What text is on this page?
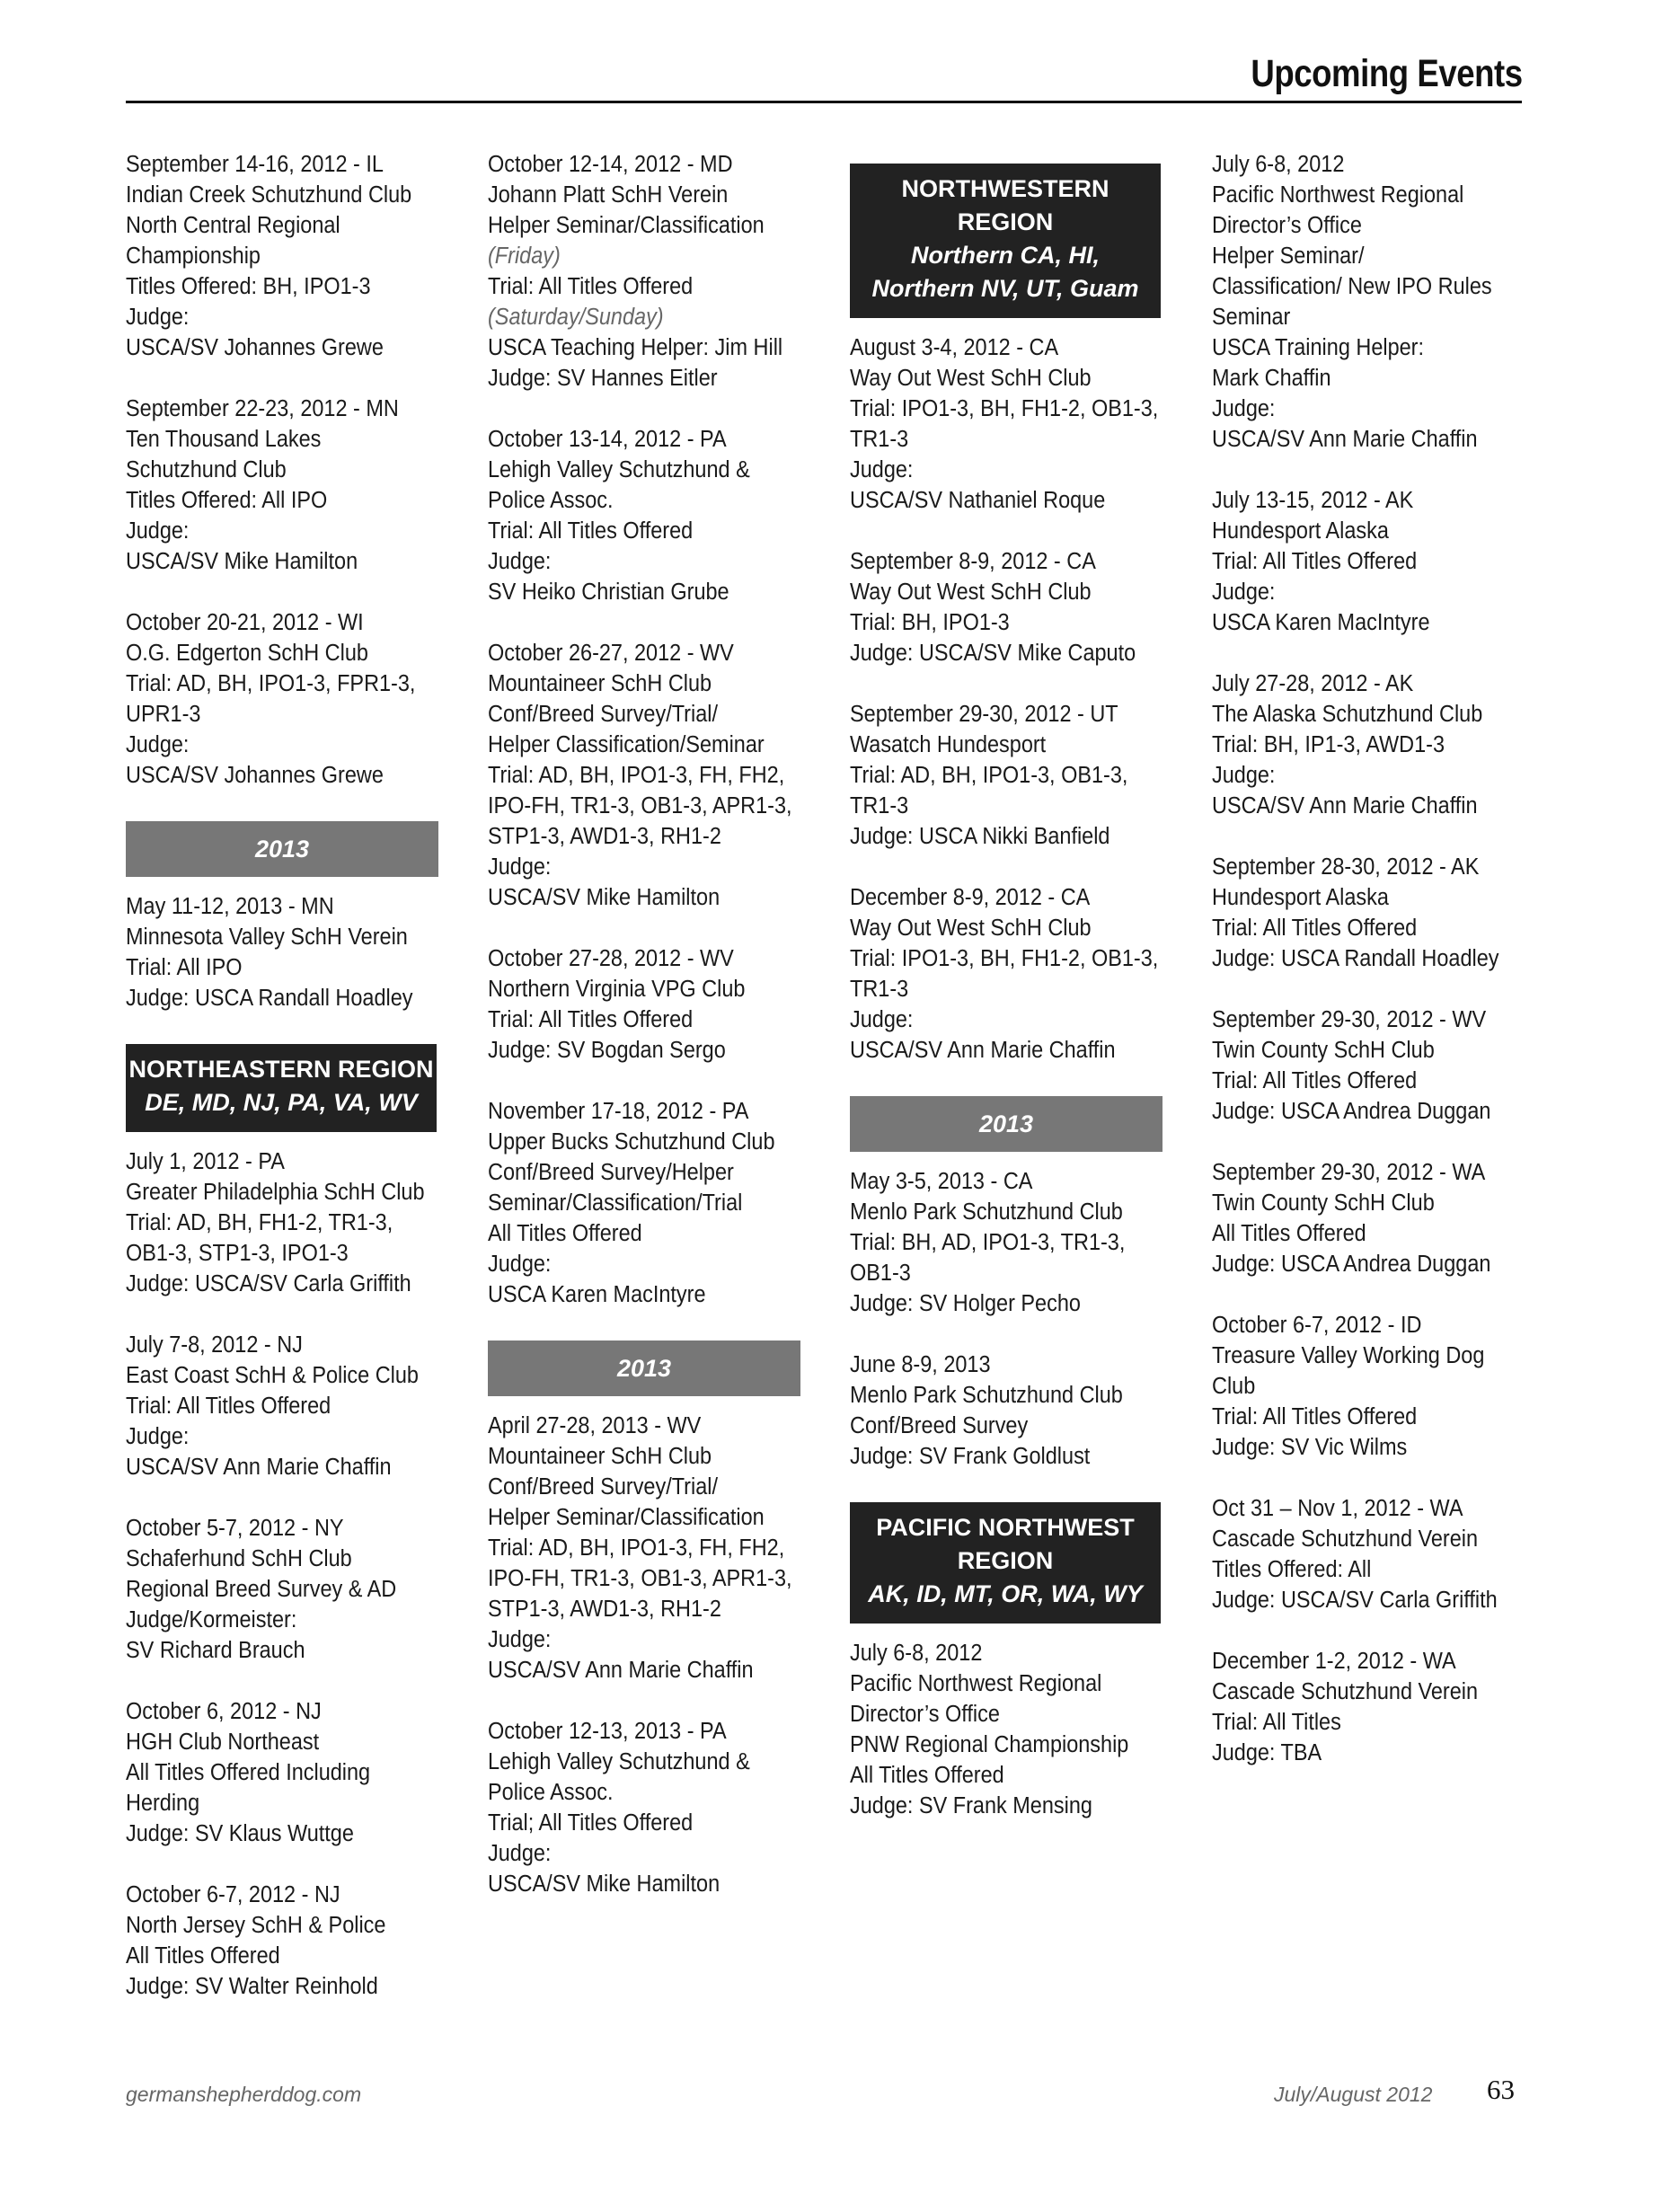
Upcoming Events
September 14-16, 2012 - IL
Indian Creek Schutzhund Club
North Central Regional
Championship
Titles Offered: BH, IPO1-3
Judge:
USCA/SV Johannes Grewe
September 22-23, 2012 - MN
Ten Thousand Lakes
Schutzhund Club
Titles Offered: All IPO
Judge:
USCA/SV Mike Hamilton
October 20-21, 2012 - WI
O.G. Edgerton SchH Club
Trial: AD, BH, IPO1-3, FPR1-3,
UPR1-3
Judge:
USCA/SV Johannes Grewe
2013
May 11-12, 2013 - MN
Minnesota Valley SchH Verein
Trial: All IPO
Judge: USCA Randall Hoadley
NORTHEASTERN REGION
DE, MD, NJ, PA, VA, WV
July 1, 2012 - PA
Greater Philadelphia SchH Club
Trial: AD, BH, FH1-2, TR1-3,
OB1-3, STP1-3, IPO1-3
Judge: USCA/SV Carla Griffith
July 7-8, 2012 - NJ
East Coast SchH & Police Club
Trial: All Titles Offered
Judge:
USCA/SV Ann Marie Chaffin
October 5-7, 2012 - NY
Schaferhund SchH Club
Regional Breed Survey & AD
Judge/Kormeister:
SV Richard Brauch
October 6, 2012 - NJ
HGH Club Northeast
All Titles Offered Including
Herding
Judge: SV Klaus Wuttge
October 6-7, 2012 - NJ
North Jersey SchH & Police
All Titles Offered
Judge: SV Walter Reinhold
October 12-14, 2012 - MD
Johann Platt SchH Verein
Helper Seminar/Classification
(Friday)
Trial: All Titles Offered
(Saturday/Sunday)
USCA Teaching Helper: Jim Hill
Judge: SV Hannes Eitler
October 13-14, 2012 - PA
Lehigh Valley Schutzhund &
Police Assoc.
Trial: All Titles Offered
Judge:
SV Heiko Christian Grube
October 26-27, 2012 - WV
Mountaineer SchH Club
Conf/Breed Survey/Trial/
Helper Classification/Seminar
Trial: AD, BH, IPO1-3, FH, FH2,
IPO-FH, TR1-3, OB1-3, APR1-3,
STP1-3, AWD1-3, RH1-2
Judge:
USCA/SV Mike Hamilton
October 27-28, 2012 - WV
Northern Virginia VPG Club
Trial: All Titles Offered
Judge: SV Bogdan Sergo
November 17-18, 2012 - PA
Upper Bucks Schutzhund Club
Conf/Breed Survey/Helper
Seminar/Classification/Trial
All Titles Offered
Judge:
USCA Karen MacIntyre
2013
April 27-28, 2013 - WV
Mountaineer SchH Club
Conf/Breed Survey/Trial/
Helper Seminar/Classification
Trial: AD, BH, IPO1-3, FH, FH2,
IPO-FH, TR1-3, OB1-3, APR1-3,
STP1-3, AWD1-3, RH1-2
Judge:
USCA/SV Ann Marie Chaffin
October 12-13, 2013 - PA
Lehigh Valley Schutzhund &
Police Assoc.
Trial; All Titles Offered
Judge:
USCA/SV Mike Hamilton
NORTHWESTERN
REGION
Northern CA, HI,
Northern NV, UT, Guam
August 3-4, 2012 - CA
Way Out West SchH Club
Trial: IPO1-3, BH, FH1-2, OB1-3,
TR1-3
Judge:
USCA/SV Nathaniel Roque
September 8-9, 2012 - CA
Way Out West SchH Club
Trial: BH, IPO1-3
Judge: USCA/SV Mike Caputo
September 29-30, 2012 - UT
Wasatch Hundesport
Trial: AD, BH, IPO1-3, OB1-3,
TR1-3
Judge: USCA Nikki Banfield
December 8-9, 2012 - CA
Way Out West SchH Club
Trial: IPO1-3, BH, FH1-2, OB1-3,
TR1-3
Judge:
USCA/SV Ann Marie Chaffin
2013
May 3-5, 2013 - CA
Menlo Park Schutzhund Club
Trial: BH, AD, IPO1-3, TR1-3,
OB1-3
Judge: SV Holger Pecho
June 8-9, 2013
Menlo Park Schutzhund Club
Conf/Breed Survey
Judge: SV Frank Goldlust
PACIFIC NORTHWEST
REGION
AK, ID, MT, OR, WA, WY
July 6-8, 2012
Pacific Northwest Regional
Director’s Office
PNW Regional Championship
All Titles Offered
Judge: SV Frank Mensing
July 6-8, 2012
Pacific Northwest Regional
Director’s Office
Helper Seminar/
Classification/ New IPO Rules
Seminar
USCA Training Helper:
Mark Chaffin
Judge:
USCA/SV Ann Marie Chaffin
July 13-15, 2012 - AK
Hundesport Alaska
Trial: All Titles Offered
Judge:
USCA Karen MacIntyre
July 27-28, 2012 - AK
The Alaska Schutzhund Club
Trial: BH, IP1-3, AWD1-3
Judge:
USCA/SV Ann Marie Chaffin
September 28-30, 2012 - AK
Hundesport Alaska
Trial: All Titles Offered
Judge: USCA Randall Hoadley
September 29-30, 2012 - WV
Twin County SchH Club
Trial: All Titles Offered
Judge: USCA Andrea Duggan
September 29-30, 2012 - WA
Twin County SchH Club
All Titles Offered
Judge: USCA Andrea Duggan
October 6-7, 2012 - ID
Treasure Valley Working Dog
Club
Trial: All Titles Offered
Judge: SV Vic Wilms
Oct 31 – Nov 1, 2012 - WA
Cascade Schutzhund Verein
Titles Offered: All
Judge: USCA/SV Carla Griffith
December 1-2, 2012 - WA
Cascade Schutzhund Verein
Trial: All Titles
Judge: TBA
germanshepherddog.com	July/August 2012 63
